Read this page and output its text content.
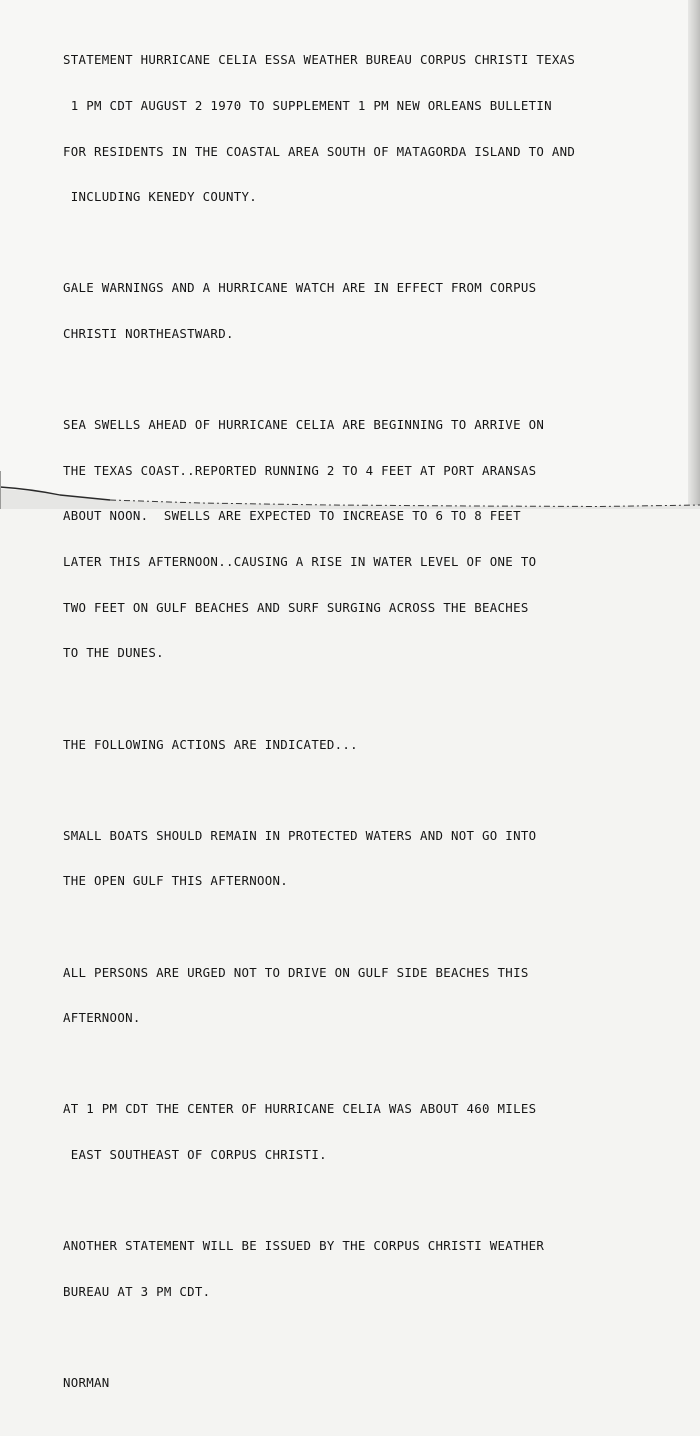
STATEMENT HURRICANE CELIA ESSA WEATHER BUREAU CORPUS CHRISTI TEXAS

1 PM CDT AUGUST 2 1970 TO SUPPLEMENT 1 PM NEW ORLEANS BULLETIN

FOR RESIDENTS IN THE COASTAL AREA SOUTH OF MATAGORDA ISLAND TO AND

INCLUDING KENEDY COUNTY.

GALE WARNINGS AND A HURRICANE WATCH ARE IN EFFECT FROM CORPUS

CHRISTI NORTHEASTWARD.

SEA SWELLS AHEAD OF HURRICANE CELIA ARE BEGINNING TO ARRIVE ON

THE TEXAS COAST..REPORTED RUNNING 2 TO 4 FEET AT PORT ARANSAS

ABOUT NOON.  SWELLS ARE EXPECTED TO INCREASE TO 6 TO 8 FEET

LATER THIS AFTERNOON..CAUSING A RISE IN WATER LEVEL OF ONE TO

TWO FEET ON GULF BEACHES AND SURF SURGING ACROSS THE BEACHES

TO THE DUNES.

THE FOLLOWING ACTIONS ARE INDICATED...

SMALL BOATS SHOULD REMAIN IN PROTECTED WATERS AND NOT GO INTO

THE OPEN GULF THIS AFTERNOON.

ALL PERSONS ARE URGED NOT TO DRIVE ON GULF SIDE BEACHES THIS

AFTERNOON.

AT 1 PM CDT THE CENTER OF HURRICANE CELIA WAS ABOUT 460 MILES

EAST SOUTHEAST OF CORPUS CHRISTI.

ANOTHER STATEMENT WILL BE ISSUED BY THE CORPUS CHRISTI WEATHER

BUREAU AT 3 PM CDT.

NORMAN
